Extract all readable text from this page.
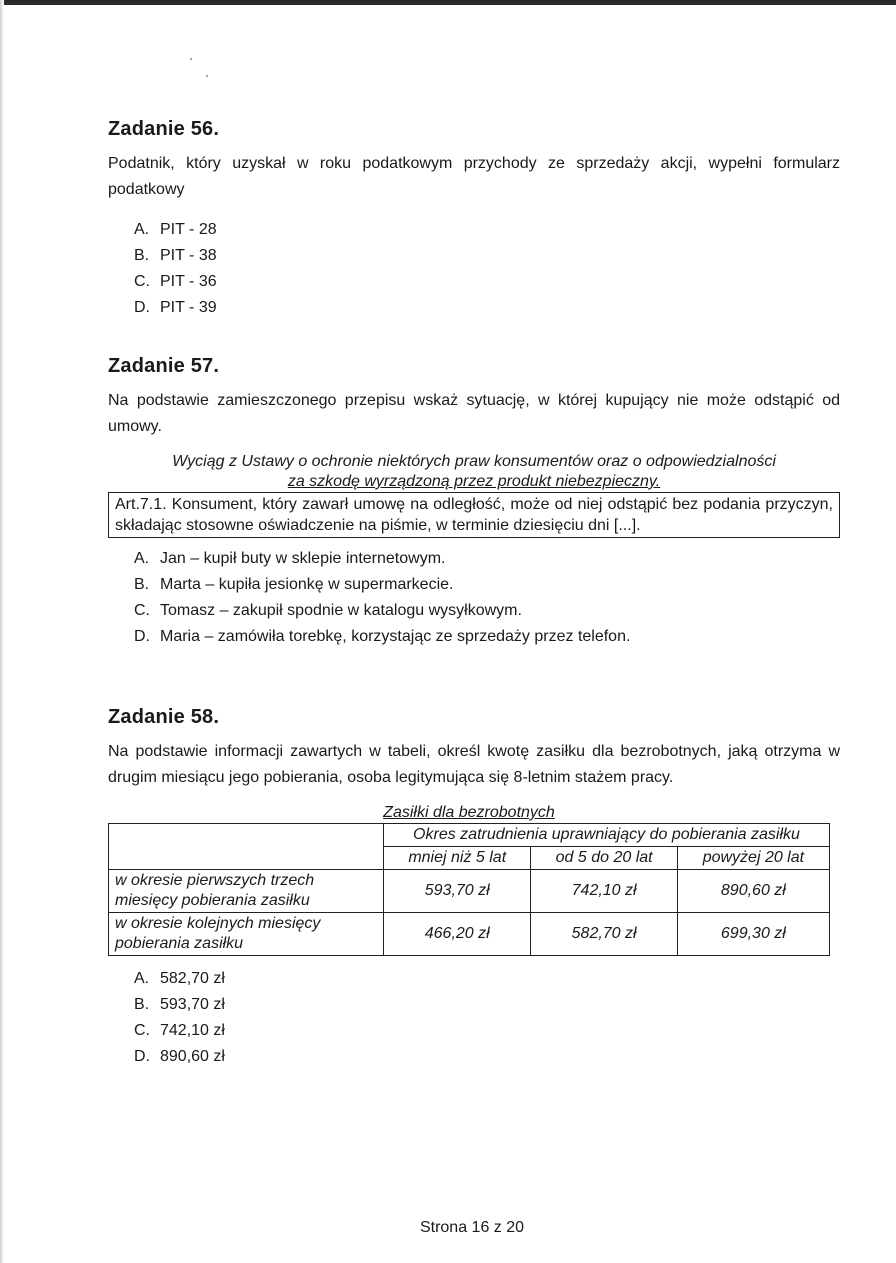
Zadanie 56.

Podatnik, który uzyskał w roku podatkowym przychody ze sprzedaży akcji, wypełni formularz podatkowy

A. PIT - 28
B. PIT - 38
C. PIT - 36
D. PIT - 39
Zadanie 57.

Na podstawie zamieszczonego przepisu wskaż sytuację, w której kupujący nie może odstąpić od umowy.

Wyciąg z Ustawy o ochronie niektórych praw konsumentów oraz o odpowiedzialności
za szkodę wyrządzoną przez produkt niebezpieczny.
Art.7.1. Konsument, który zawarł umowę na odległość, może od niej odstąpić bez podania przyczyn, składając stosowne oświadczenie na piśmie, w terminie dziesięciu dni [...].
A. Jan – kupił buty w sklepie internetowym.
B. Marta – kupiła jesionkę w supermarkecie.
C. Tomasz – zakupił spodnie w katalogu wysyłkowym.
D. Maria – zamówiła torebkę, korzystając ze sprzedaży przez telefon.
Zadanie 58.

Na podstawie informacji zawartych w tabeli, określ kwotę zasiłku dla bezrobotnych, jaką otrzyma w drugim miesiącu jego pobierania, osoba legitymująca się 8-letnim stażem pracy.

Zasiłki dla bezrobotnych
	Okres zatrudnienia uprawniający do pobierania zasiłku		
	mniej niż 5 lat	od 5 do 20 lat	powyżej 20 lat
w okresie pierwszych trzech miesięcy pobierania zasiłku	593,70 zł	742,10 zł	890,60 zł
w okresie kolejnych miesięcy pobierania zasiłku	466,20 zł	582,70 zł	699,30 zł
A. 582,70 zł
B. 593,70 zł
C. 742,10 zł
D. 890,60 zł
Strona 16 z 20
